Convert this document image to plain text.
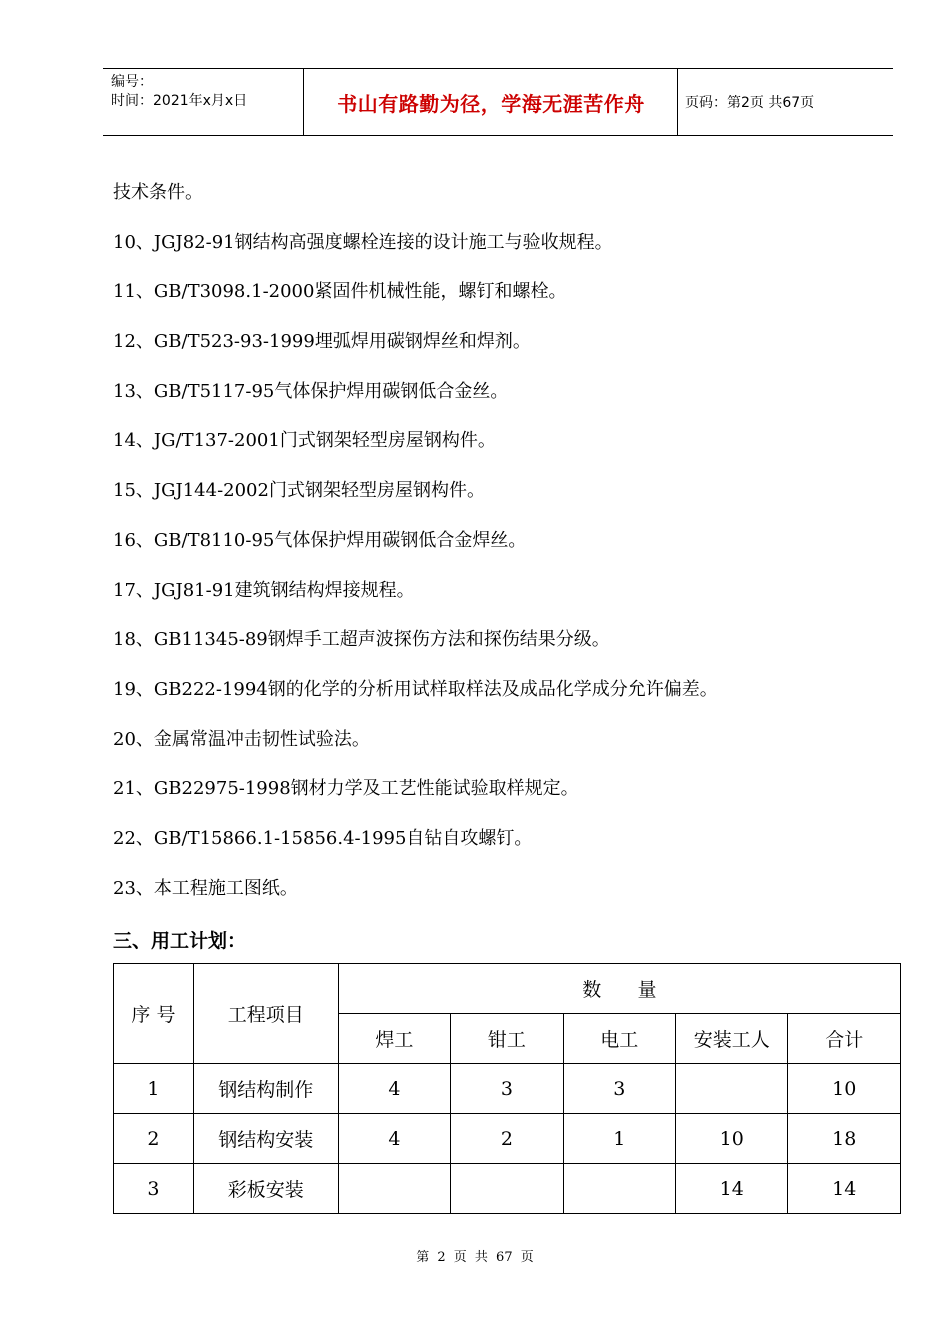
编号：
时间：2021年x月x日	书山有路勤为径，学海无涯苦作舟	页码：第2页 共67页
技术条件。
10、JGJ82-91钢结构高强度螺栓连接的设计施工与验收规程。
11、GB/T3098.1-2000紧固件机械性能，螺钉和螺栓。
12、GB/T523-93-1999埋弧焊用碳钢焊丝和焊剂。
13、GB/T5117-95气体保护焊用碳钢低合金丝。
14、JG/T137-2001门式钢架轻型房屋钢构件。
15、JGJ144-2002门式钢架轻型房屋钢构件。
16、GB/T8110-95气体保护焊用碳钢低合金焊丝。
17、JGJ81-91建筑钢结构焊接规程。
18、GB11345-89钢焊手工超声波探伤方法和探伤结果分级。
19、GB222-1994钢的化学的分析用试样取样法及成品化学成分允许偏差。
20、金属常温冲击韧性试验法。
21、GB22975-1998钢材力学及工艺性能试验取样规定。
22、GB/T15866.1-15856.4-1995自钻自攻螺钉。
23、本工程施工图纸。
三、用工计划：
序 号	工程项目	数      量				
		焊工	钳工	电工	安装工人	合计
1	钢结构制作	4	3	3		10
2	钢结构安装	4	2	1	10	18
3	彩板安装				14	14
第 2 页 共 67 页
